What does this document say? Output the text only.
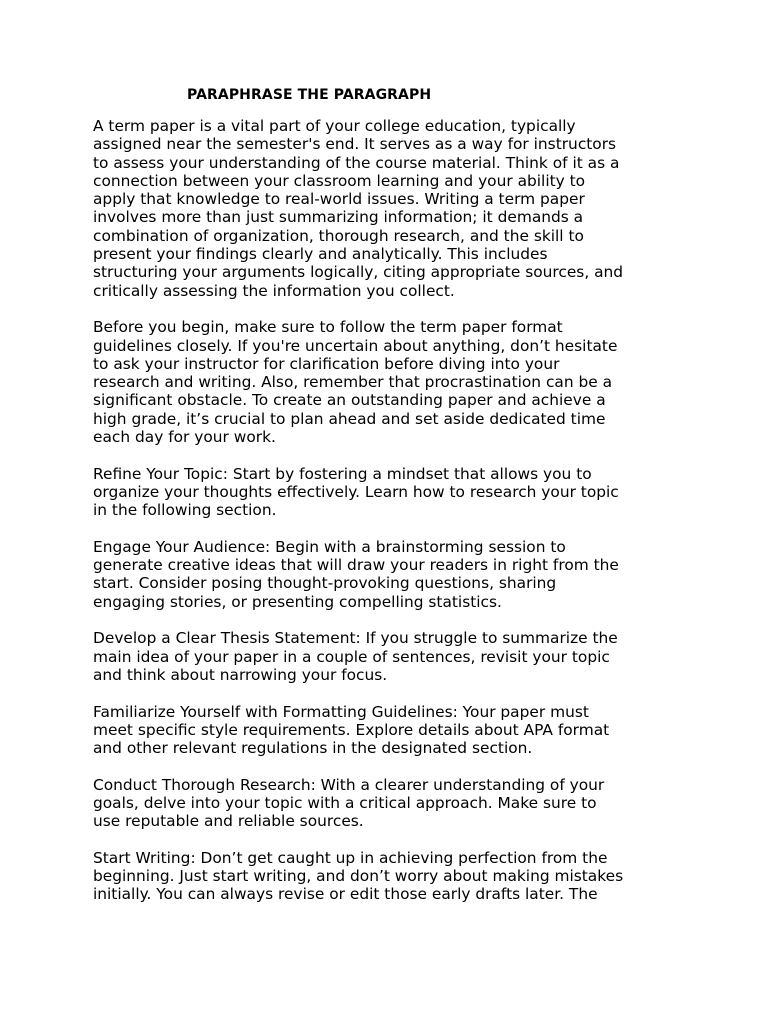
PARAPHRASE THE PARAGRAPH
A term paper is a vital part of your college education, typically
assigned near the semester's end. It serves as a way for instructors
to assess your understanding of the course material. Think of it as a
connection between your classroom learning and your ability to
apply that knowledge to real-world issues. Writing a term paper
involves more than just summarizing information; it demands a
combination of organization, thorough research, and the skill to
present your findings clearly and analytically. This includes
structuring your arguments logically, citing appropriate sources, and
critically assessing the information you collect.
Before you begin, make sure to follow the term paper format
guidelines closely. If you're uncertain about anything, don’t hesitate
to ask your instructor for clarification before diving into your
research and writing. Also, remember that procrastination can be a
significant obstacle. To create an outstanding paper and achieve a
high grade, it’s crucial to plan ahead and set aside dedicated time
each day for your work.
Refine Your Topic: Start by fostering a mindset that allows you to
organize your thoughts effectively. Learn how to research your topic
in the following section.
Engage Your Audience: Begin with a brainstorming session to
generate creative ideas that will draw your readers in right from the
start. Consider posing thought-provoking questions, sharing
engaging stories, or presenting compelling statistics.
Develop a Clear Thesis Statement: If you struggle to summarize the
main idea of your paper in a couple of sentences, revisit your topic
and think about narrowing your focus.
Familiarize Yourself with Formatting Guidelines: Your paper must
meet specific style requirements. Explore details about APA format
and other relevant regulations in the designated section.
Conduct Thorough Research: With a clearer understanding of your
goals, delve into your topic with a critical approach. Make sure to
use reputable and reliable sources.
Start Writing: Don’t get caught up in achieving perfection from the
beginning. Just start writing, and don’t worry about making mistakes
initially. You can always revise or edit those early drafts later. The
